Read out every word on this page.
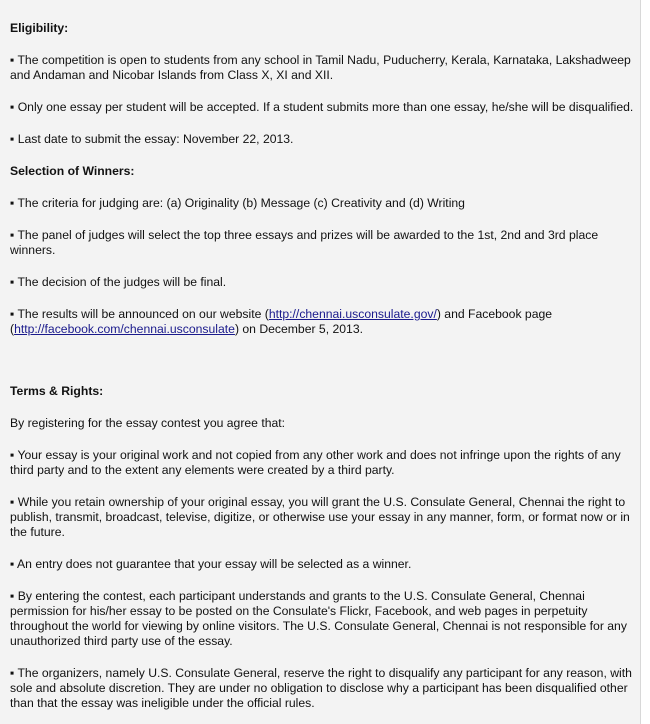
Eligibility:

▪ The competition is open to students from any school in Tamil Nadu, Puducherry, Kerala, Karnataka, Lakshadweep and Andaman and Nicobar Islands from Class X, XI and XII.

▪ Only one essay per student will be accepted. If a student submits more than one essay, he/she will be disqualified.

▪ Last date to submit the essay: November 22, 2013.

Selection of Winners:

▪ The criteria for judging are: (a) Originality (b) Message (c) Creativity and (d) Writing

▪ The panel of judges will select the top three essays and prizes will be awarded to the 1st, 2nd and 3rd place winners.

▪ The decision of the judges will be final.

▪ The results will be announced on our website (http://chennai.usconsulate.gov/) and Facebook page (http://facebook.com/chennai.usconsulate) on December 5, 2013.

Terms & Rights:

By registering for the essay contest you agree that:

▪ Your essay is your original work and not copied from any other work and does not infringe upon the rights of any third party and to the extent any elements were created by a third party.

▪ While you retain ownership of your original essay, you will grant the U.S. Consulate General, Chennai the right to publish, transmit, broadcast, televise, digitize, or otherwise use your essay in any manner, form, or format now or in the future.

▪ An entry does not guarantee that your essay will be selected as a winner.

▪ By entering the contest, each participant understands and grants to the U.S. Consulate General, Chennai permission for his/her essay to be posted on the Consulate's Flickr, Facebook, and web pages in perpetuity throughout the world for viewing by online visitors. The U.S. Consulate General, Chennai is not responsible for any unauthorized third party use of the essay.

▪ The organizers, namely U.S. Consulate General, reserve the right to disqualify any participant for any reason, with sole and absolute discretion. They are under no obligation to disclose why a participant has been disqualified other than that the essay was ineligible under the official rules.
